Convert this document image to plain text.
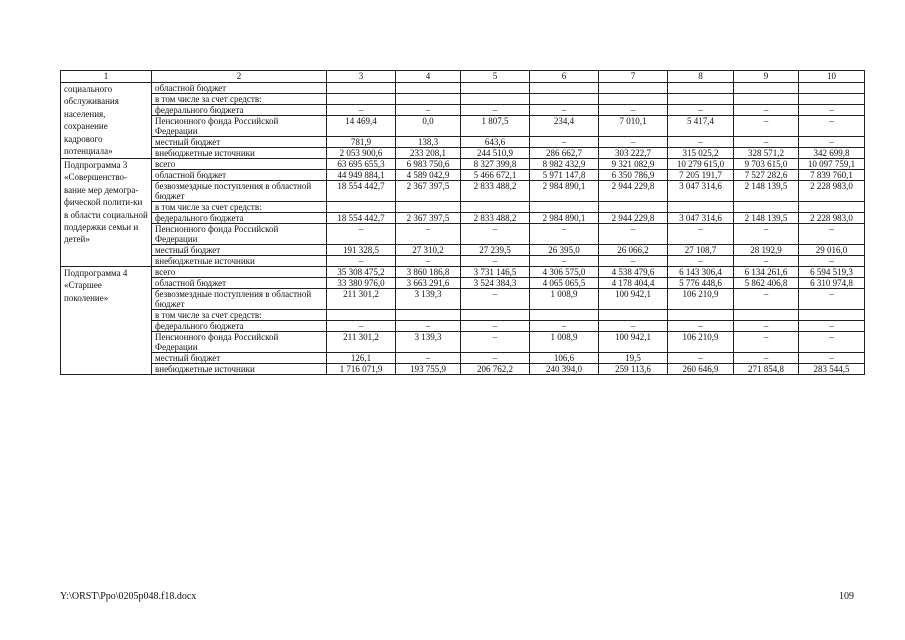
1	2	3	4	5	6	7	8	9	10
социального обслуживания населения, сохранение кадрового потенциала»	областной бюджет								
	в том числе за счет средств:								
	федерального бюджета	–	–	–	–	–	–	–	–
	Пенсионного фонда Российской Федерации	14 469,4	0,0	1 807,5	234,4	7 010,1	5 417,4	–	–
	местный бюджет	781,9	138,3	643,6	–	–	–	–	–
	внебюджетные источники	2 053 900,6	233 208,1	244 510,9	286 662,7	303 222,7	315 025,2	328 571,2	342 699,8
Подпрограмма 3 «Совершенство-вание мер демогра-фической полити-ки в области социальной поддержки семьи и детей»	всего	63 695 655,3	6 983 750,6	8 327 399,8	8 982 432,9	9 321 082,9	10 279 615,0	9 703 615,0	10 097 759,1
	областной бюджет	44 949 884,1	4 589 042,9	5 466 672,1	5 971 147,8	6 350 786,9	7 205 191,7	7 527 282,6	7 839 760,1
	безвозмездные поступления в областной бюджет	18 554 442,7	2 367 397,5	2 833 488,2	2 984 890,1	2 944 229,8	3 047 314,6	2 148 139,5	2 228 983,0
	в том числе за счет средств:								
	федерального бюджета	18 554 442,7	2 367 397,5	2 833 488,2	2 984 890,1	2 944 229,8	3 047 314,6	2 148 139,5	2 228 983,0
	Пенсионного фонда Российской Федерации	–	–	–	–	–	–	–	–
	местный бюджет	191 328,5	27 310,2	27 239,5	26 395,0	26 066,2	27 108,7	28 192,9	29 016,0
	внебюджетные источники	–	–	–	–	–	–	–	–
Подпрограмма 4 «Старшее поколение»	всего	35 308 475,2	3 860 186,8	3 731 146,5	4 306 575,0	4 538 479,6	6 143 306,4	6 134 261,6	6 594 519,3
	областной бюджет	33 380 976,0	3 663 291,6	3 524 384,3	4 065 065,5	4 178 404,4	5 776 448,6	5 862 406,8	6 310 974,8
	безвозмездные поступления в областной бюджет	211 301,2	3 139,3	–	1 008,9	100 942,1	106 210,9	–	–
	в том числе за счет средств:								
	федерального бюджета	–	–	–	–	–	–	–	–
	Пенсионного фонда Российской Федерации	211 301,2	3 139,3	–	1 008,9	100 942,1	106 210,9	–	–
	местный бюджет	126,1	–	–	106,6	19,5	–	–	–
	внебюджетные источники	1 716 071,9	193 755,9	206 762,2	240 394,0	259 113,6	260 646,9	271 854,8	283 544,5
Y:\ORST\Ppo\0205p048.f18.docx	109
